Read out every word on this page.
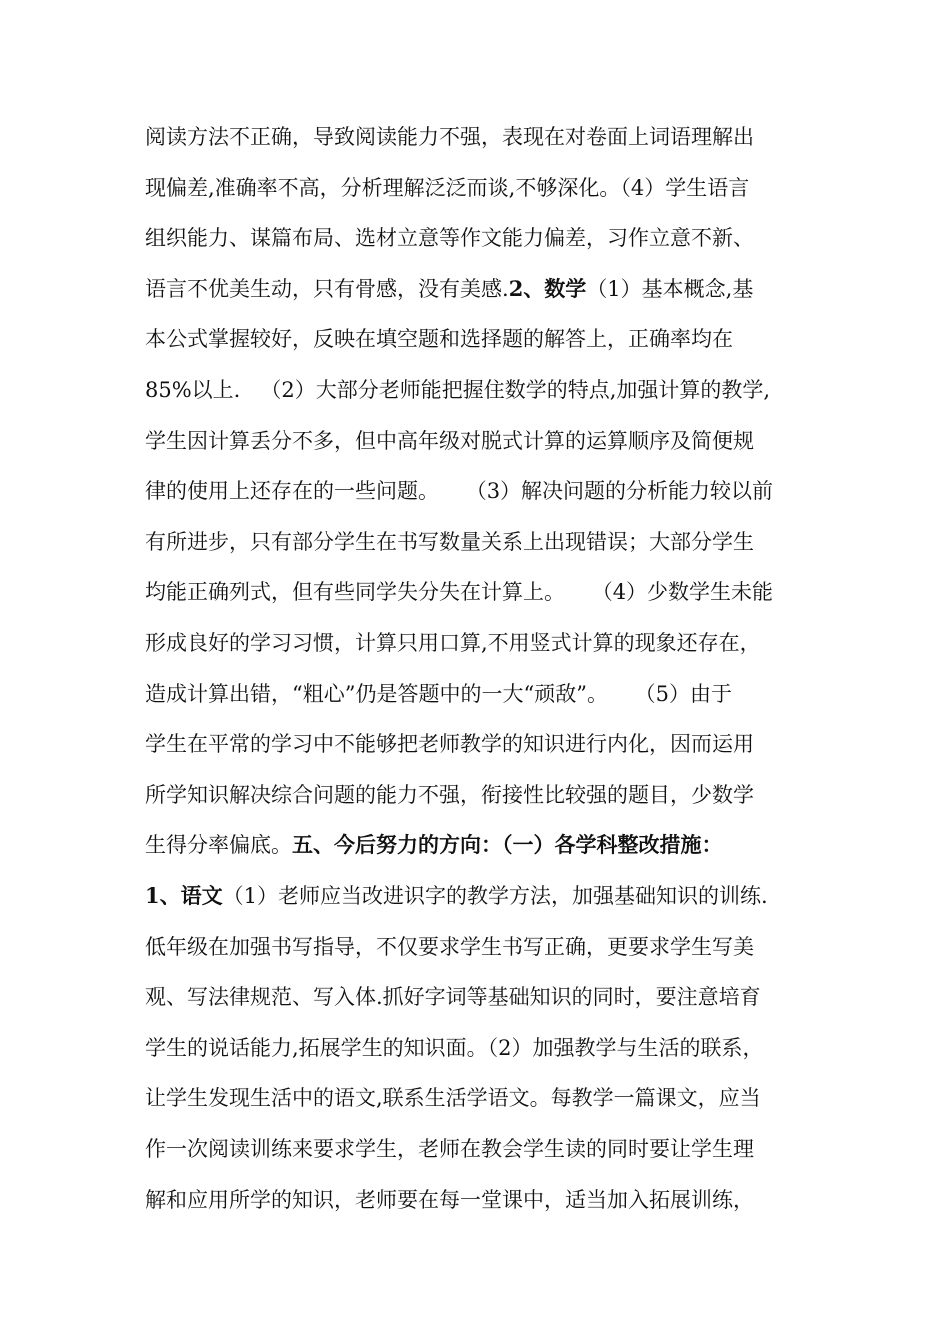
阅读方法不正确，导致阅读能力不强，表现在对卷面上词语理解出
现偏差,准确率不高，分析理解泛泛而谈,不够深化。（4）学生语言
组织能力、谋篇布局、选材立意等作文能力偏差，习作立意不新、
语言不优美生动，只有骨感，没有美感.2、数学（1）基本概念,基
本公式掌握较好，反映在填空题和选择题的解答上，正确率均在
85%以上.   （2）大部分老师能把握住数学的特点,加强计算的教学,
学生因计算丢分不多，但中高年级对脱式计算的运算顺序及简便规
律的使用上还存在的一些问题。    （3）解决问题的分析能力较以前
有所进步，只有部分学生在书写数量关系上出现错误；大部分学生
均能正确列式，但有些同学失分失在计算上。    （4）少数学生未能
形成良好的学习习惯，计算只用口算,不用竖式计算的现象还存在，
造成计算出错，“粗心”仍是答题中的一大“顽敌”。    （5）由于
学生在平常的学习中不能够把老师教学的知识进行内化，因而运用
所学知识解决综合问题的能力不强，衔接性比较强的题目，少数学
生得分率偏底。五、今后努力的方向：（一）各学科整改措施：
1、语文（1）老师应当改进识字的教学方法，加强基础知识的训练.
低年级在加强书写指导，不仅要求学生书写正确，更要求学生写美
观、写法律规范、写入体.抓好字词等基础知识的同时，要注意培育
学生的说话能力,拓展学生的知识面。（2）加强教学与生活的联系，
让学生发现生活中的语文,联系生活学语文。每教学一篇课文，应当
作一次阅读训练来要求学生，老师在教会学生读的同时要让学生理
解和应用所学的知识，老师要在每一堂课中，适当加入拓展训练，
